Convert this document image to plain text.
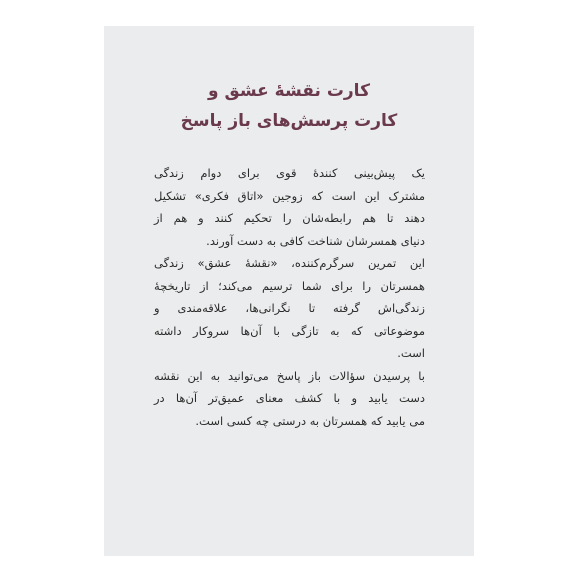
کارت نقشهٔ عشق و
کارت پرسش‌های باز پاسخ
یک پیش‌بینی کنندهٔ قوی برای دوام زندگی
مشترک این است که زوجین «اتاق فکری» تشکیل
دهند تا هم رابطه‌شان را تحکیم کنند و هم از
دنیای همسرشان شناخت کافی به دست آورند.
این تمرین سرگرم‌کننده، «نقشهٔ عشق» زندگی
همسرتان را برای شما ترسیم می‌کند؛ از تاریخچهٔ
زندگی‌اش گرفته تا نگرانی‌ها، علاقه‌مندی و
موضوعاتی که به تازگی با آن‌ها سروکار داشته
است.
با پرسیدن سؤالات باز پاسخ می‌توانید به این نقشه
دست یابید و با کشف معنای عمیق‌تر آن‌ها در
می یابید که همسرتان به درستی چه کسی است.
